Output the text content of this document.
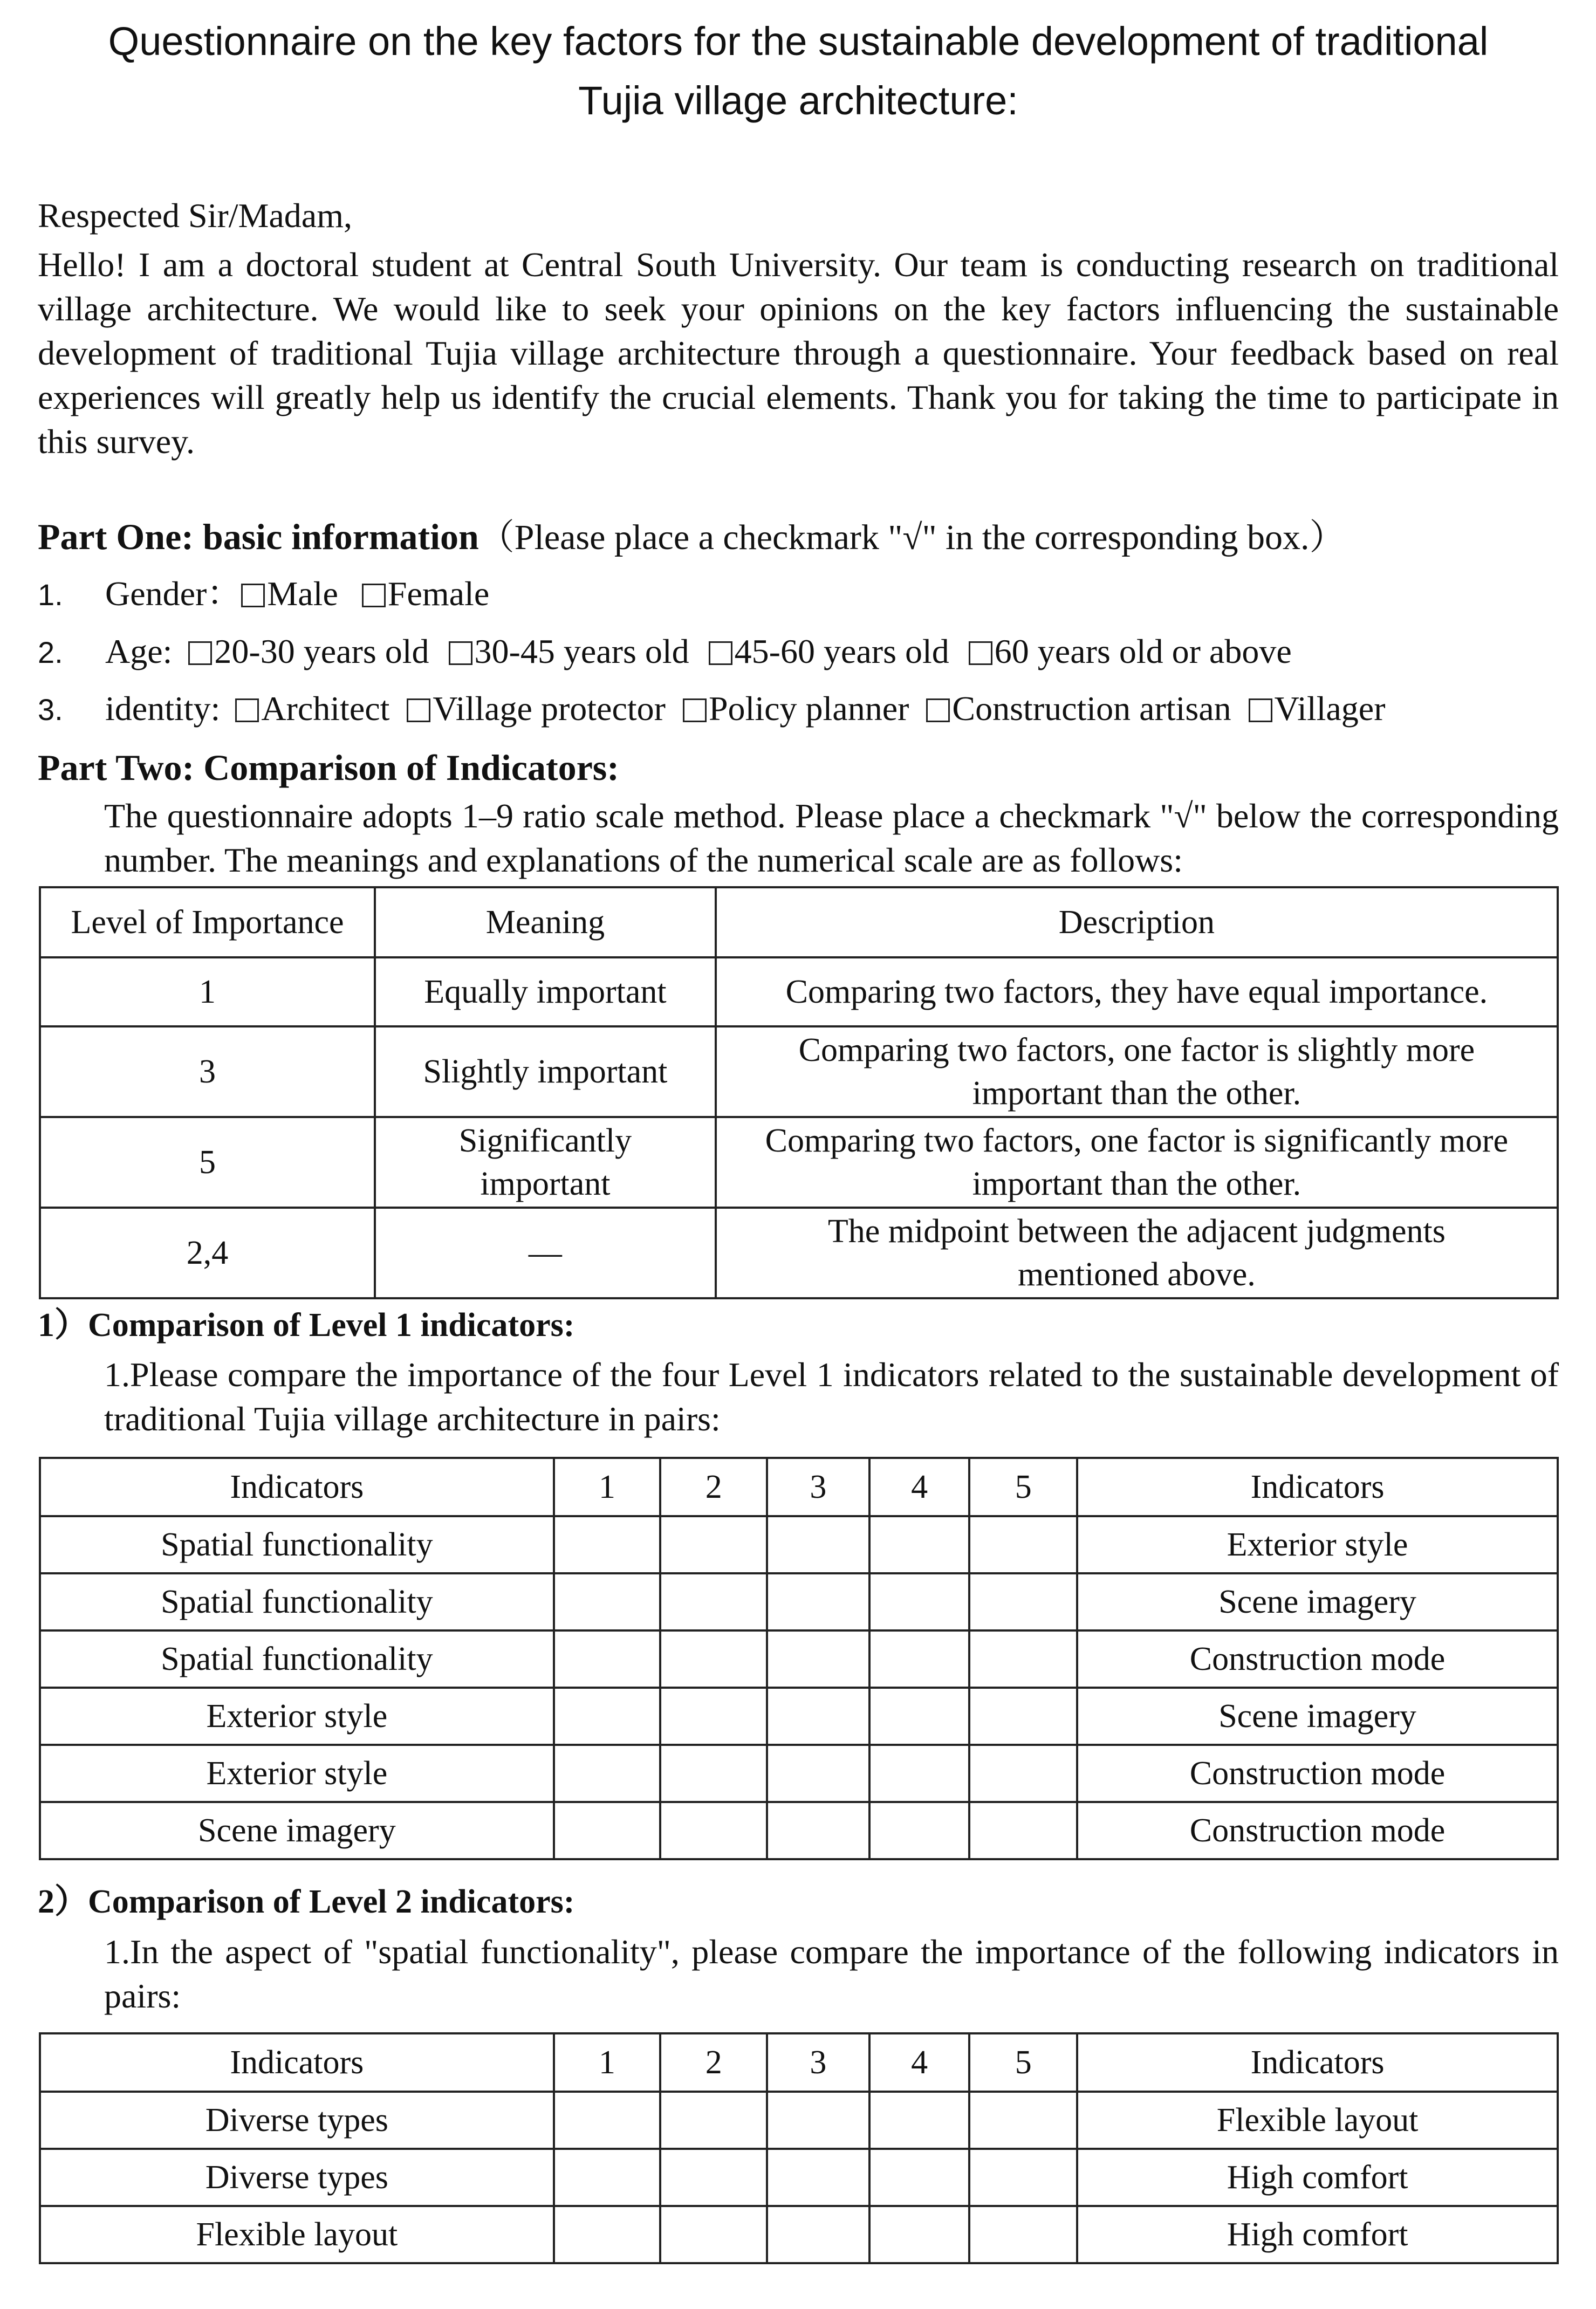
Questionnaire on the key factors for the sustainable development of traditional
Tujia village architecture:
Respected Sir/Madam,
Hello! I am a doctoral student at Central South University. Our team is conducting research on traditional village architecture. We would like to seek your opinions on the key factors influencing the sustainable development of traditional Tujia village architecture through a questionnaire. Your feedback based on real experiences will greatly help us identify the crucial elements. Thank you for taking the time to participate in this survey.
Part One: basic information（Please place a checkmark "√" in the corresponding box.）
1. Gender： Male Female
2. Age: 20-30 years old 30-45 years old 45-60 years old 60 years old or above
3. identity: Architect Village protector Policy planner Construction artisan Villager
Part Two: Comparison of Indicators:
The questionnaire adopts 1–9 ratio scale method. Please place a checkmark "√" below the corresponding number. The meanings and explanations of the numerical scale are as follows:
Level of Importance	Meaning	Description
1	Equally important	Comparing two factors, they have equal importance.
3	Slightly important	Comparing two factors, one factor is slightly more important than the other.
5	Significantly important	Comparing two factors, one factor is significantly more important than the other.
2,4	—	The midpoint between the adjacent judgments mentioned above.
1）Comparison of Level 1 indicators:
1.Please compare the importance of the four Level 1 indicators related to the sustainable development of traditional Tujia village architecture in pairs:
Indicators	1	2	3	4	5	Indicators
Spatial functionality						Exterior style
Spatial functionality						Scene imagery
Spatial functionality						Construction mode
Exterior style						Scene imagery
Exterior style						Construction mode
Scene imagery						Construction mode
2）Comparison of Level 2 indicators:
1.In the aspect of "spatial functionality", please compare the importance of the following indicators in pairs:
Indicators	1	2	3	4	5	Indicators
Diverse types						Flexible layout
Diverse types						High comfort
Flexible layout						High comfort
